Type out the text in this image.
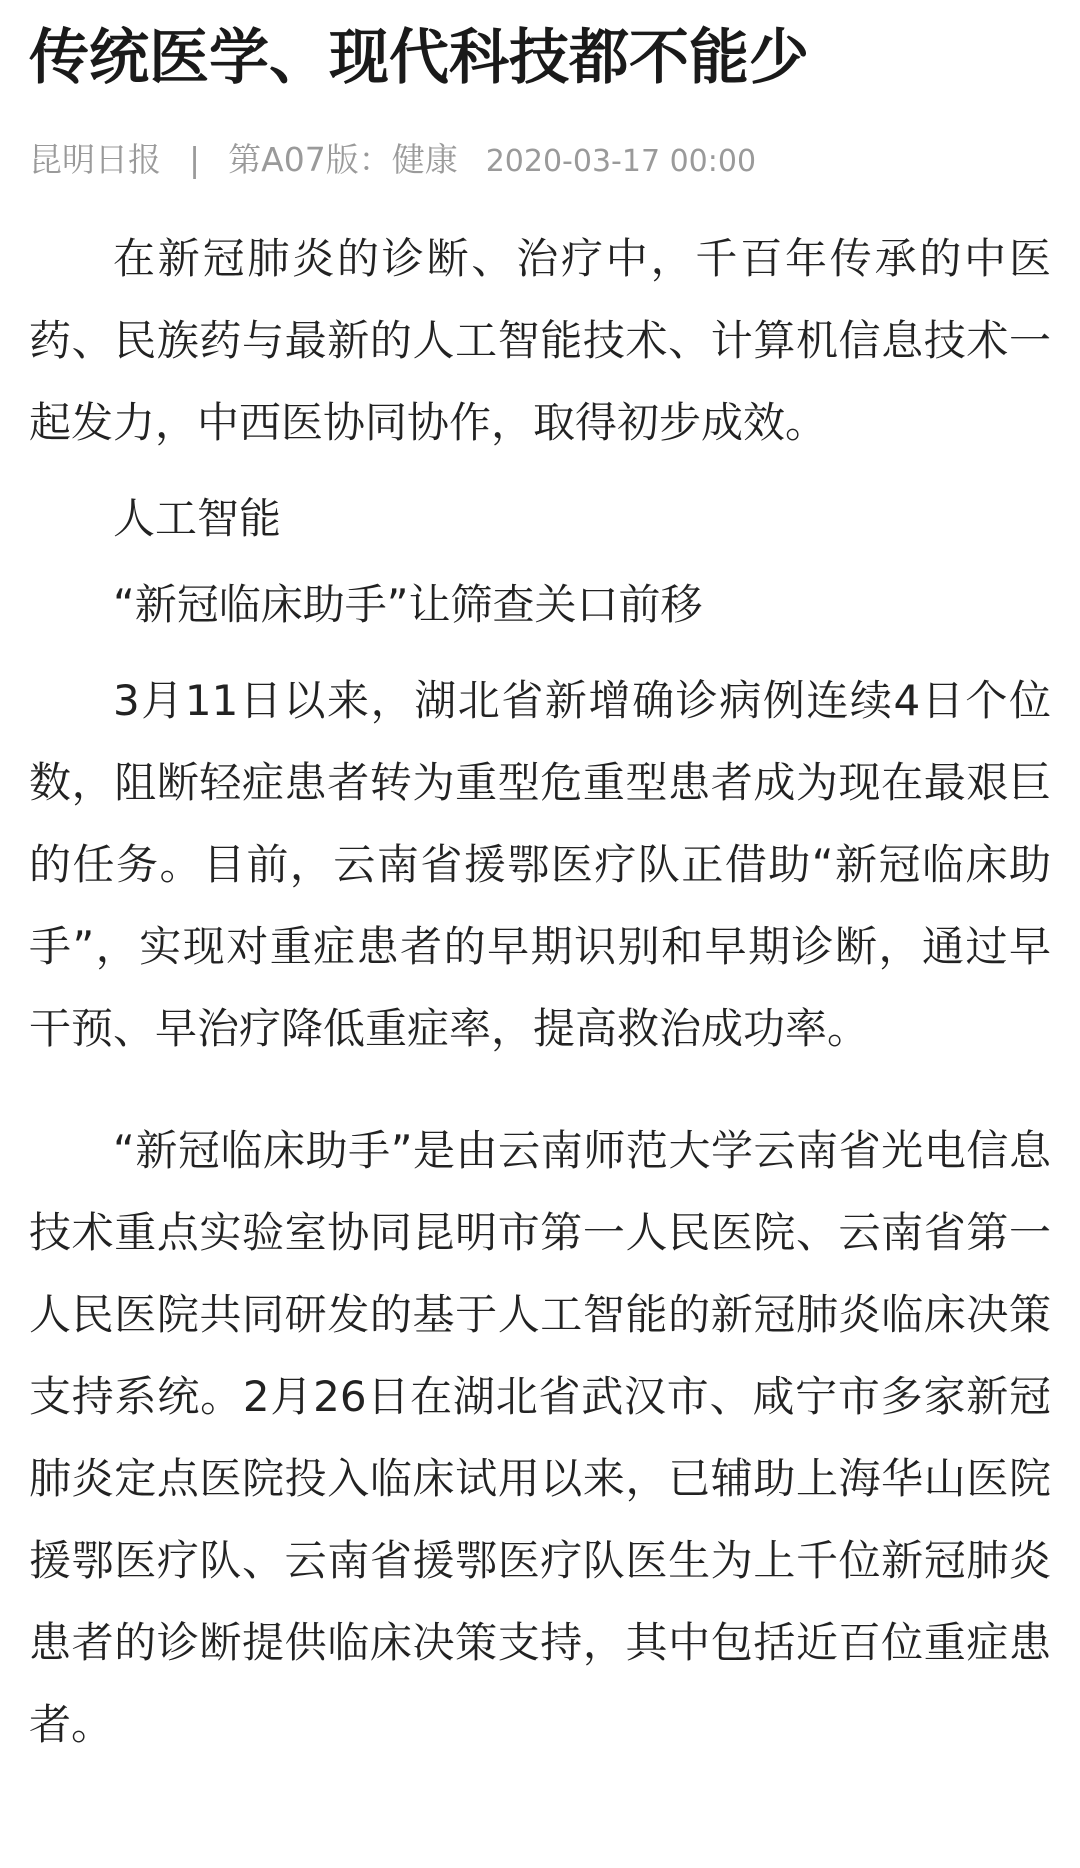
传统医学、现代科技都不能少
昆明日报 | 第A07版：健康 2020-03-17 00:00

在新冠肺炎的诊断、治疗中，千百年传承的中医药、民族药与最新的人工智能技术、计算机信息技术一起发力，中西医协同协作，取得初步成效。

人工智能

“新冠临床助手”让筛查关口前移

3月11日以来，湖北省新增确诊病例连续4日个位数，阻断轻症患者转为重型危重型患者成为现在最艰巨的任务。目前，云南省援鄂医疗队正借助“新冠临床助手”，实现对重症患者的早期识别和早期诊断，通过早干预、早治疗降低重症率，提高救治成功率。

“新冠临床助手”是由云南师范大学云南省光电信息技术重点实验室协同昆明市第一人民医院、云南省第一人民医院共同研发的基于人工智能的新冠肺炎临床决策支持系统。2月26日在湖北省武汉市、咸宁市多家新冠肺炎定点医院投入临床试用以来，已辅助上海华山医院援鄂医疗队、云南省援鄂医疗队医生为上千位新冠肺炎患者的诊断提供临床决策支持，其中包括近百位重症患者。
